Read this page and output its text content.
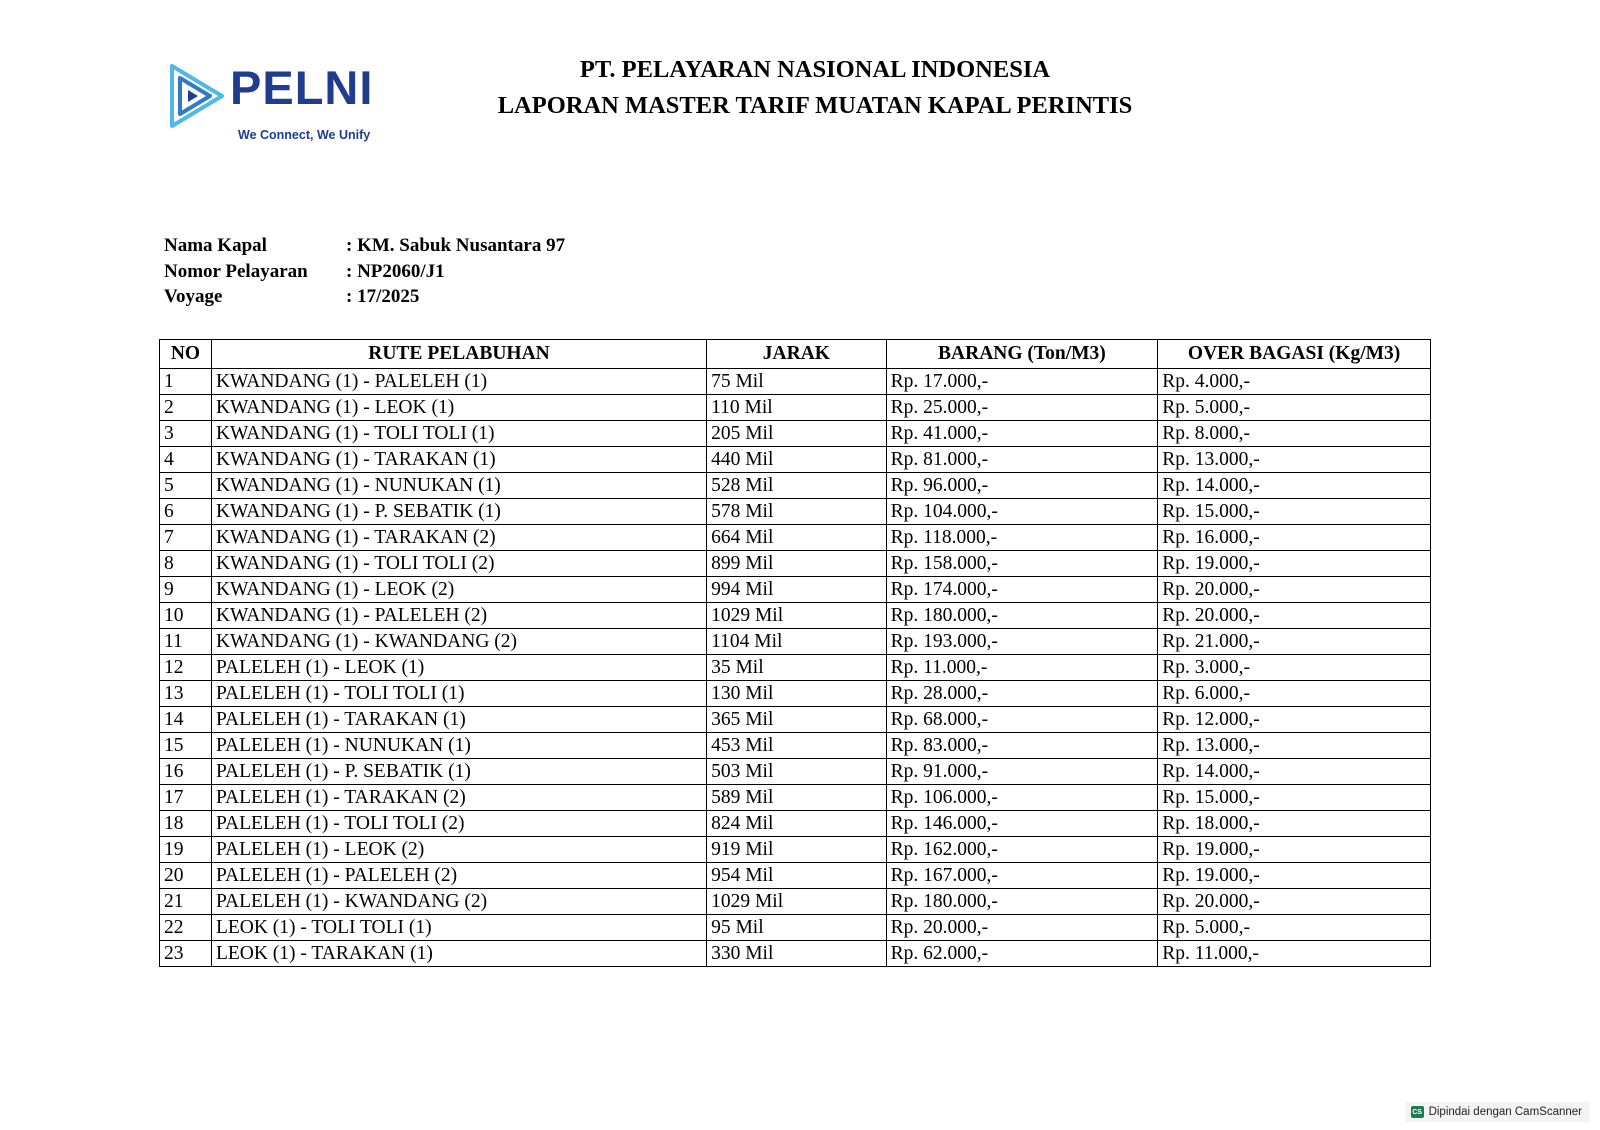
PELNI
We Connect, We Unify
PT. PELAYARAN NASIONAL INDONESIA
LAPORAN MASTER TARIF MUATAN KAPAL PERINTIS
Nama Kapal	: KM. Sabuk Nusantara 97
Nomor Pelayaran	: NP2060/J1
Voyage	: 17/2025
NO	RUTE PELABUHAN	JARAK	BARANG (Ton/M3)	OVER BAGASI (Kg/M3)
1	KWANDANG (1) - PALELEH (1)	75 Mil	Rp. 17.000,-	Rp. 4.000,-
2	KWANDANG (1) - LEOK (1)	110 Mil	Rp. 25.000,-	Rp. 5.000,-
3	KWANDANG (1) - TOLI TOLI (1)	205 Mil	Rp. 41.000,-	Rp. 8.000,-
4	KWANDANG (1) - TARAKAN (1)	440 Mil	Rp. 81.000,-	Rp. 13.000,-
5	KWANDANG (1) - NUNUKAN (1)	528 Mil	Rp. 96.000,-	Rp. 14.000,-
6	KWANDANG (1) - P. SEBATIK (1)	578 Mil	Rp. 104.000,-	Rp. 15.000,-
7	KWANDANG (1) - TARAKAN (2)	664 Mil	Rp. 118.000,-	Rp. 16.000,-
8	KWANDANG (1) - TOLI TOLI (2)	899 Mil	Rp. 158.000,-	Rp. 19.000,-
9	KWANDANG (1) - LEOK (2)	994 Mil	Rp. 174.000,-	Rp. 20.000,-
10	KWANDANG (1) - PALELEH (2)	1029 Mil	Rp. 180.000,-	Rp. 20.000,-
11	KWANDANG (1) - KWANDANG (2)	1104 Mil	Rp. 193.000,-	Rp. 21.000,-
12	PALELEH (1) - LEOK (1)	35 Mil	Rp. 11.000,-	Rp. 3.000,-
13	PALELEH (1) - TOLI TOLI (1)	130 Mil	Rp. 28.000,-	Rp. 6.000,-
14	PALELEH (1) - TARAKAN (1)	365 Mil	Rp. 68.000,-	Rp. 12.000,-
15	PALELEH (1) - NUNUKAN (1)	453 Mil	Rp. 83.000,-	Rp. 13.000,-
16	PALELEH (1) - P. SEBATIK (1)	503 Mil	Rp. 91.000,-	Rp. 14.000,-
17	PALELEH (1) - TARAKAN (2)	589 Mil	Rp. 106.000,-	Rp. 15.000,-
18	PALELEH (1) - TOLI TOLI (2)	824 Mil	Rp. 146.000,-	Rp. 18.000,-
19	PALELEH (1) - LEOK (2)	919 Mil	Rp. 162.000,-	Rp. 19.000,-
20	PALELEH (1) - PALELEH (2)	954 Mil	Rp. 167.000,-	Rp. 19.000,-
21	PALELEH (1) - KWANDANG (2)	1029 Mil	Rp. 180.000,-	Rp. 20.000,-
22	LEOK (1) - TOLI TOLI (1)	95 Mil	Rp. 20.000,-	Rp. 5.000,-
23	LEOK (1) - TARAKAN (1)	330 Mil	Rp. 62.000,-	Rp. 11.000,-
CS Dipindai dengan CamScanner
